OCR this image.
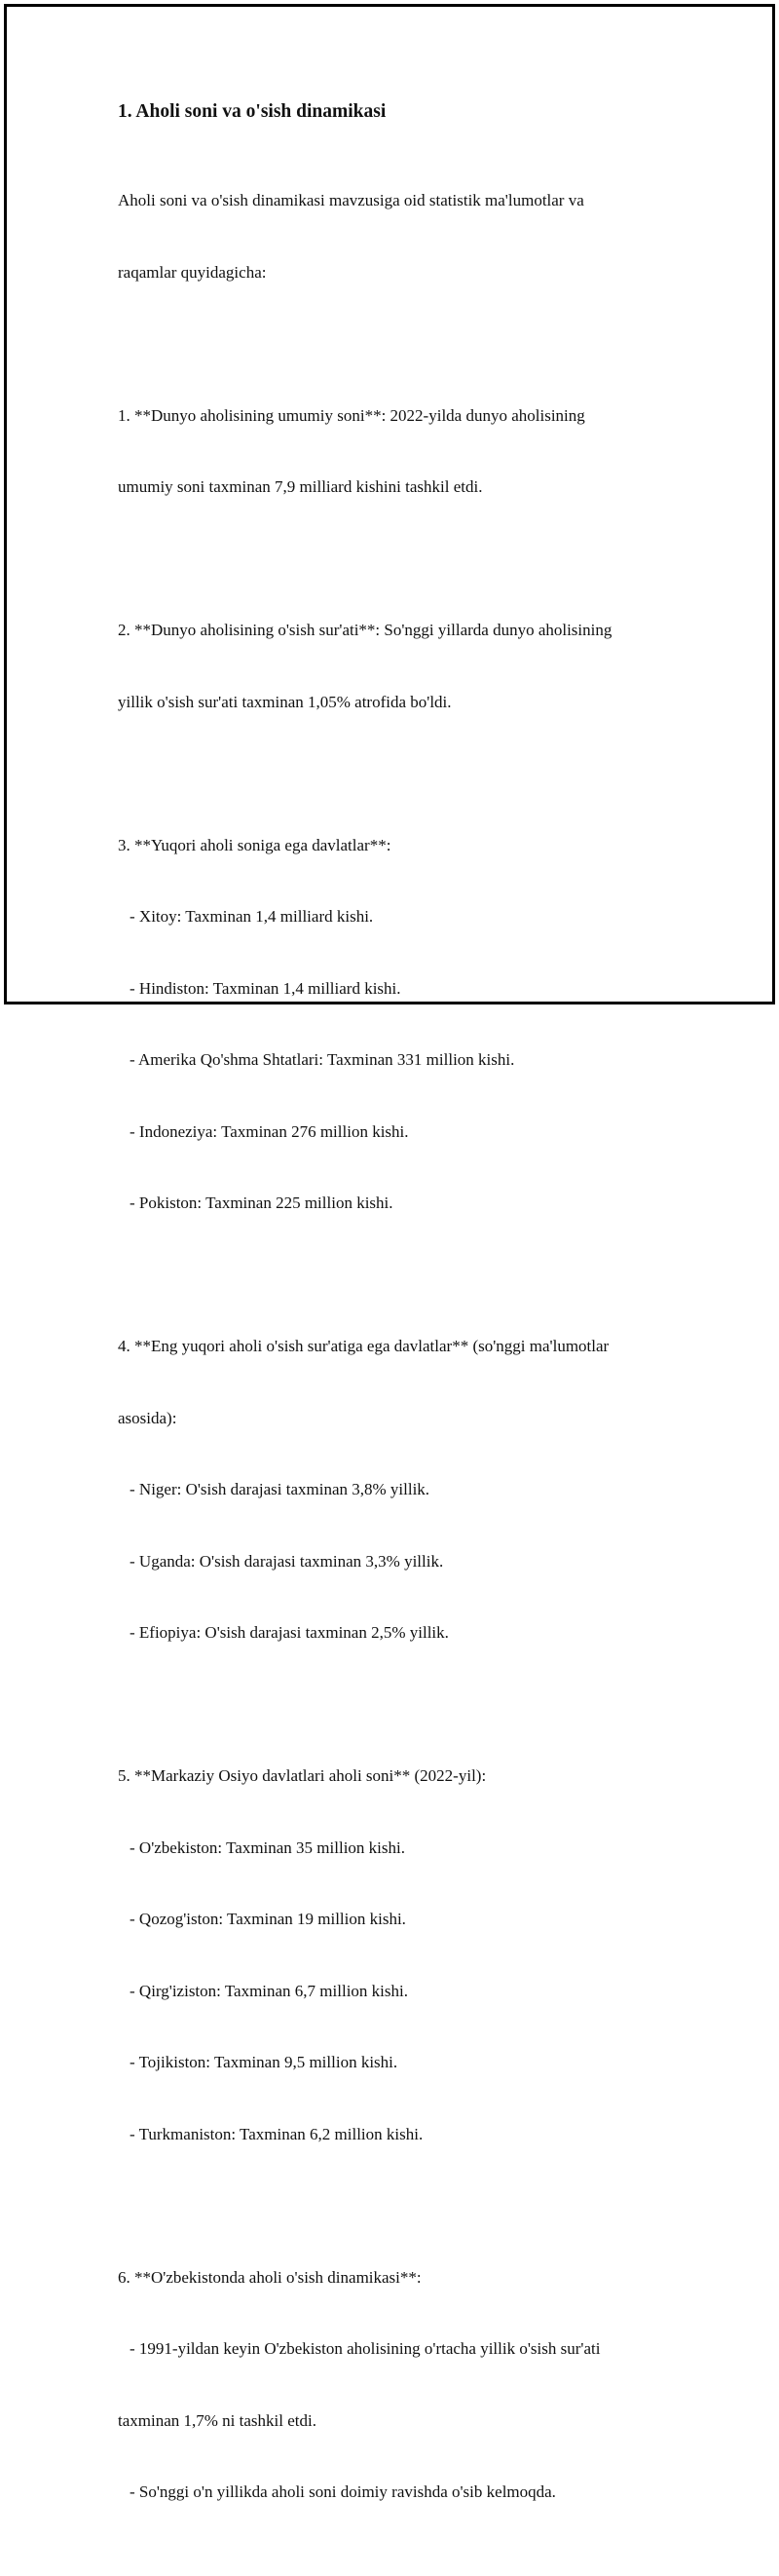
1. Aholi soni va o'sish dinamikasi

Aholi soni va o'sish dinamikasi mavzusiga oid statistik ma'lumotlar va

raqamlar quyidagicha:

1. **Dunyo aholisining umumiy soni**: 2022-yilda dunyo aholisining

umumiy soni taxminan 7,9 milliard kishini tashkil etdi.

2. **Dunyo aholisining o'sish sur'ati**: So'nggi yillarda dunyo aholisining

yillik o'sish sur'ati taxminan 1,05% atrofida bo'ldi.

3. **Yuqori aholi soniga ega davlatlar**:

- Xitoy: Taxminan 1,4 milliard kishi.

- Hindiston: Taxminan 1,4 milliard kishi.

- Amerika Qo'shma Shtatlari: Taxminan 331 million kishi.

- Indoneziya: Taxminan 276 million kishi.

- Pokiston: Taxminan 225 million kishi.

4. **Eng yuqori aholi o'sish sur'atiga ega davlatlar** (so'nggi ma'lumotlar

asosida):

- Niger: O'sish darajasi taxminan 3,8% yillik.

- Uganda: O'sish darajasi taxminan 3,3% yillik.

- Efiopiya: O'sish darajasi taxminan 2,5% yillik.

5. **Markaziy Osiyo davlatlari aholi soni** (2022-yil):

- O'zbekiston: Taxminan 35 million kishi.

- Qozog'iston: Taxminan 19 million kishi.

- Qirg'iziston: Taxminan 6,7 million kishi.

- Tojikiston: Taxminan 9,5 million kishi.

- Turkmaniston: Taxminan 6,2 million kishi.

6. **O'zbekistonda aholi o'sish dinamikasi**:

- 1991-yildan keyin O'zbekiston aholisining o'rtacha yillik o'sish sur'ati

taxminan 1,7% ni tashkil etdi.

- So'nggi o'n yillikda aholi soni doimiy ravishda o'sib kelmoqda.
